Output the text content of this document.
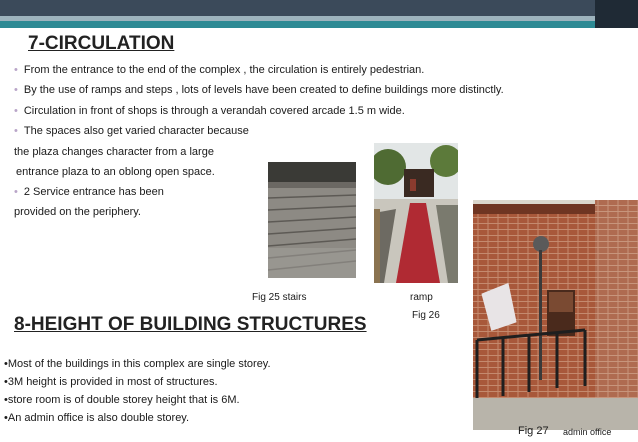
7-CIRCULATION
• From the entrance to the end of the complex , the circulation is entirely pedestrian.
• By the use of ramps and steps , lots of levels have been created to define buildings more distinctly.
• Circulation in front of shops is through a verandah covered arcade 1.5 m wide.
• The spaces also get varied character because
the plaza changes character from a large
entrance plaza to an oblong open space.
• 2 Service entrance has been
provided on the periphery.
Fig 25 stairs	ramp
Fig 26
Fig 27 admin office
8-HEIGHT OF BUILDING STRUCTURES
•Most of the buildings in this complex are single storey.
•3M height is provided in most of structures.
•store room is of double storey height that is 6M.
•An admin office is also double storey.
